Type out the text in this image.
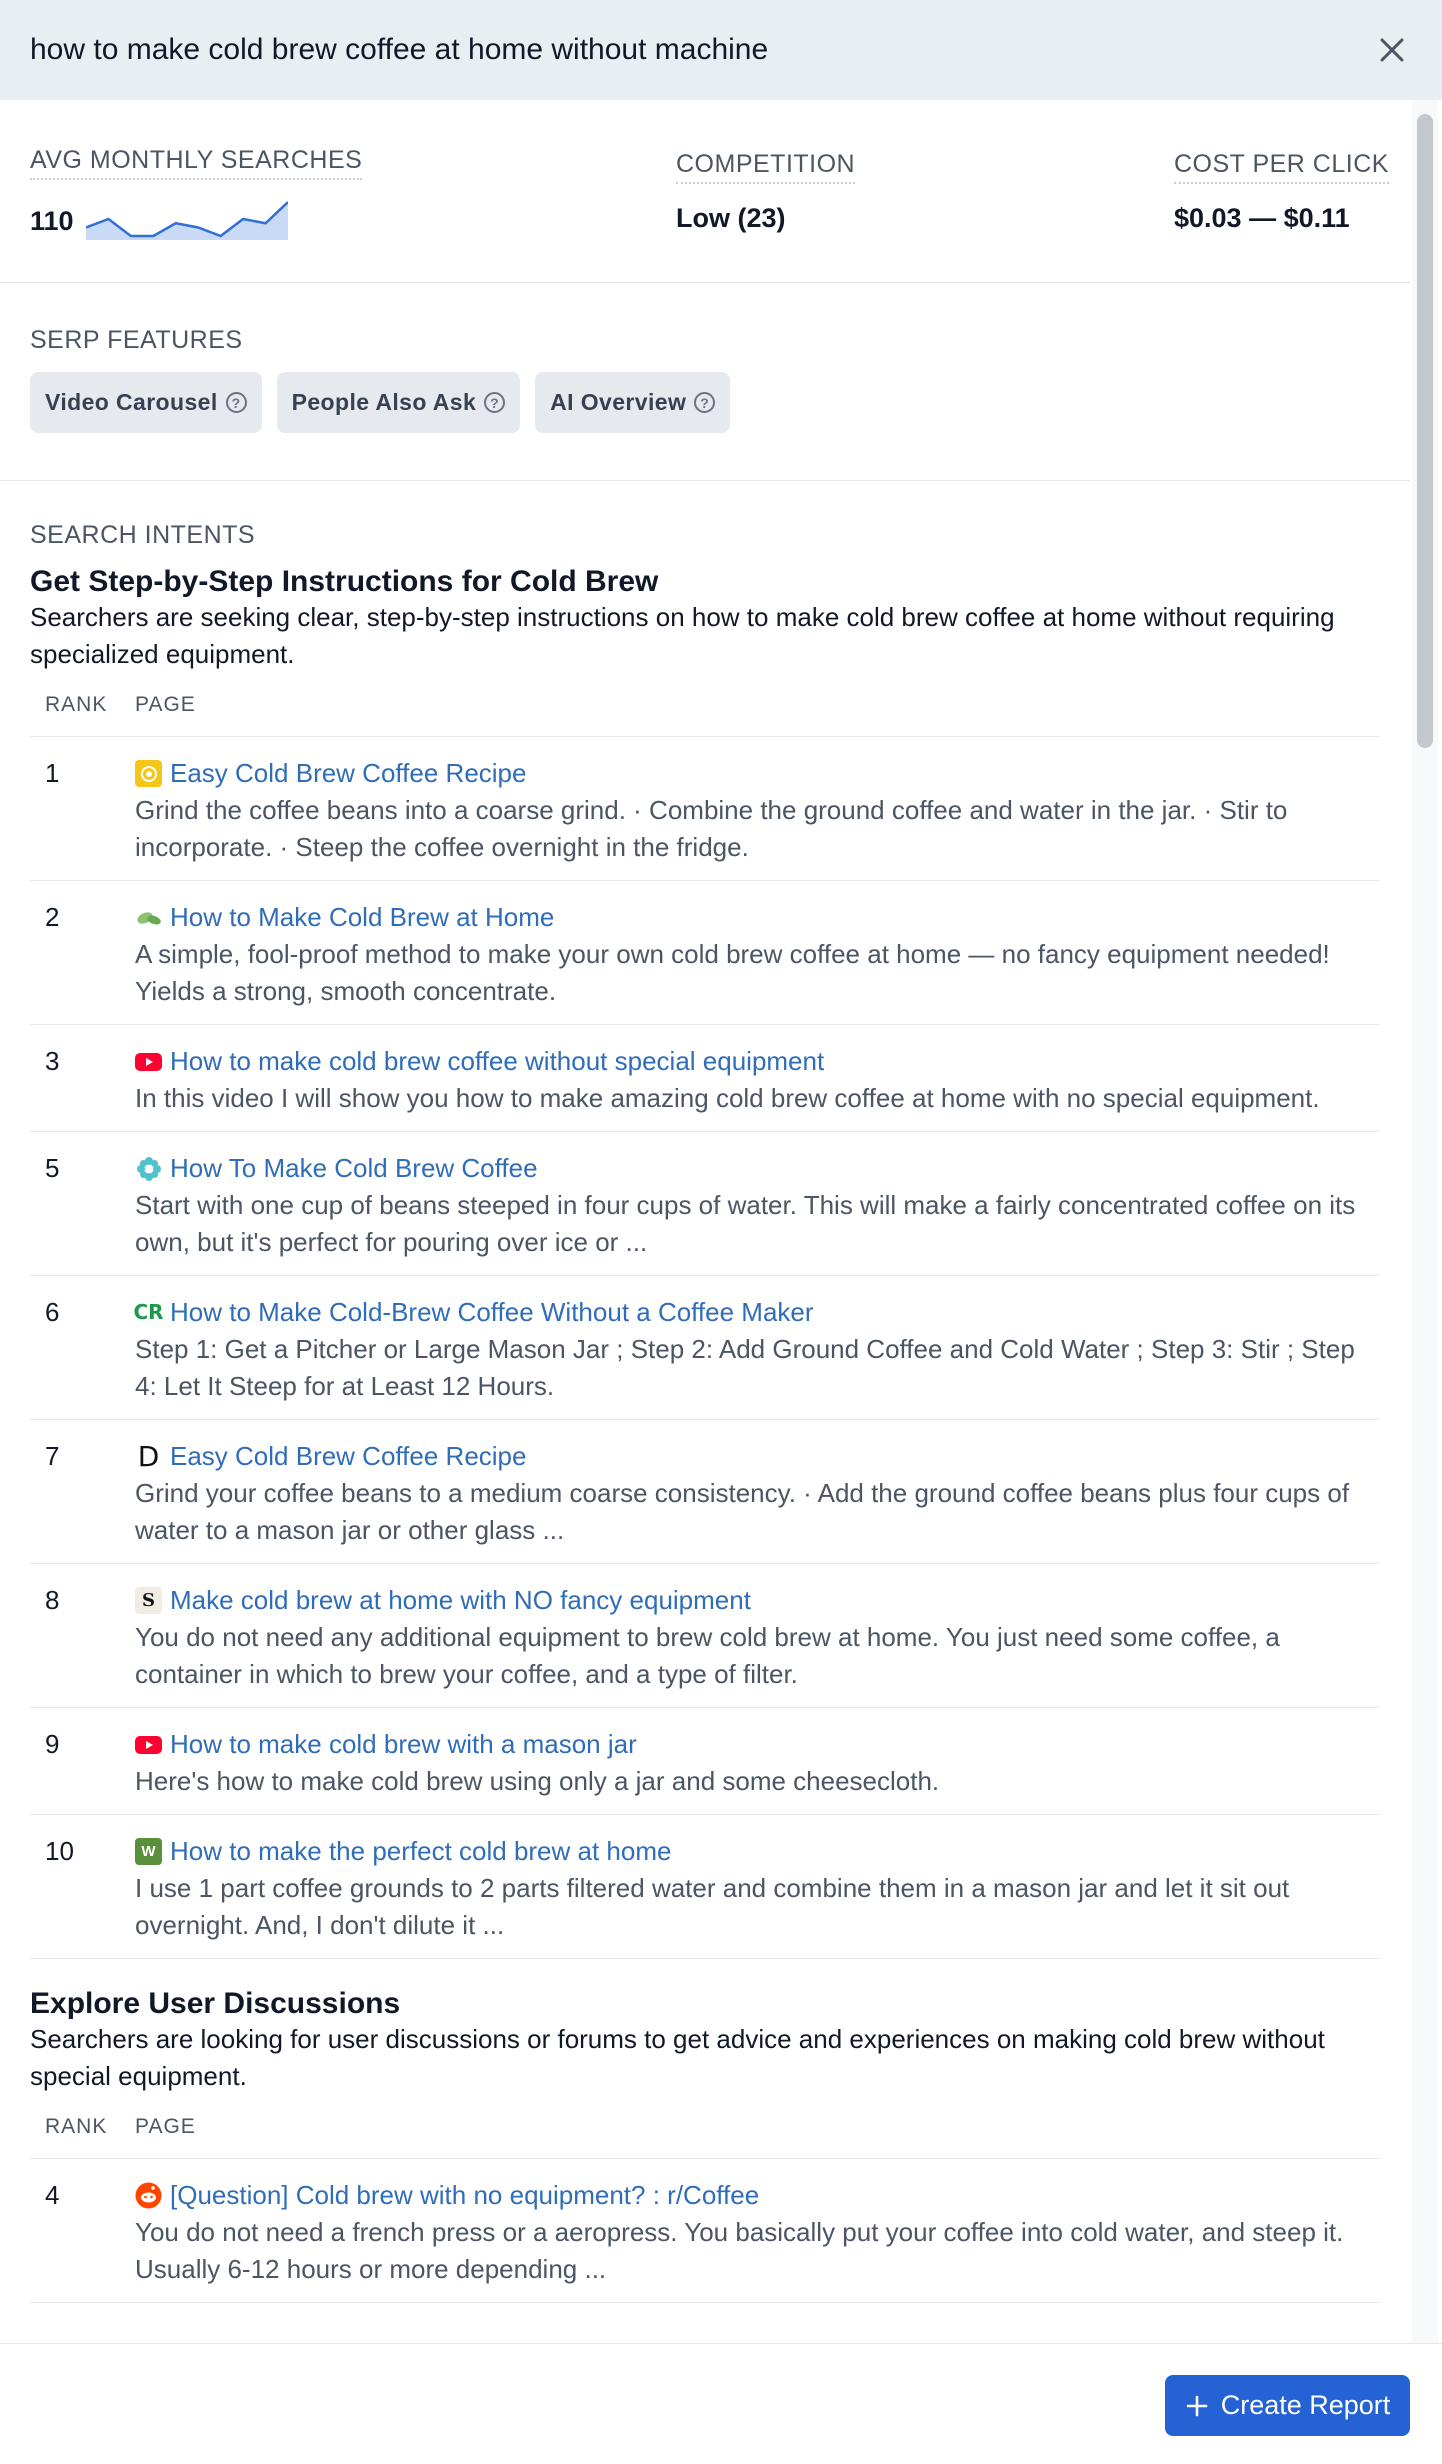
how to make cold brew coffee at home without machine
AVG MONTHLY SEARCHES
110
COMPETITION
Low (23)
COST PER CLICK
$0.03 — $0.11
SERP FEATURES
Video Carousel	? People Also Ask	? AI Overview	?
SEARCH INTENTS
Get Step-by-Step Instructions for Cold Brew
Searchers are seeking clear, step-by-step instructions on how to make cold brew coffee at home without requiring specialized equipment.
RANK	PAGE
1	Easy Cold Brew Coffee Recipe
Grind the coffee beans into a coarse grind. · Combine the ground coffee and water in the jar. · Stir to incorporate. · Steep the coffee overnight in the fridge.
2	How to Make Cold Brew at Home
A simple, fool-proof method to make your own cold brew coffee at home — no fancy equipment needed! Yields a strong, smooth concentrate.
3	How to make cold brew coffee without special equipment
In this video I will show you how to make amazing cold brew coffee at home with no special equipment.
5	How To Make Cold Brew Coffee
Start with one cup of beans steeped in four cups of water. This will make a fairly concentrated coffee on its own, but it's perfect for pouring over ice or ...
6	CR How to Make Cold-Brew Coffee Without a Coffee Maker
Step 1: Get a Pitcher or Large Mason Jar ; Step 2: Add Ground Coffee and Cold Water ; Step 3: Stir ; Step 4: Let It Steep for at Least 12 Hours.
7	D Easy Cold Brew Coffee Recipe
Grind your coffee beans to a medium coarse consistency. · Add the ground coffee beans plus four cups of water to a mason jar or other glass ...
8	S Make cold brew at home with NO fancy equipment
You do not need any additional equipment to brew cold brew at home. You just need some coffee, a container in which to brew your coffee, and a type of filter.
9	How to make cold brew with a mason jar
Here's how to make cold brew using only a jar and some cheesecloth.
10	W How to make the perfect cold brew at home
I use 1 part coffee grounds to 2 parts filtered water and combine them in a mason jar and let it sit out overnight. And, I don't dilute it ...
Explore User Discussions
Searchers are looking for user discussions or forums to get advice and experiences on making cold brew without special equipment.
RANK	PAGE
4	[Question] Cold brew with no equipment? : r/Coffee
You do not need a french press or a aeropress. You basically put your coffee into cold water, and steep it. Usually 6-12 hours or more depending ...
Create Report
